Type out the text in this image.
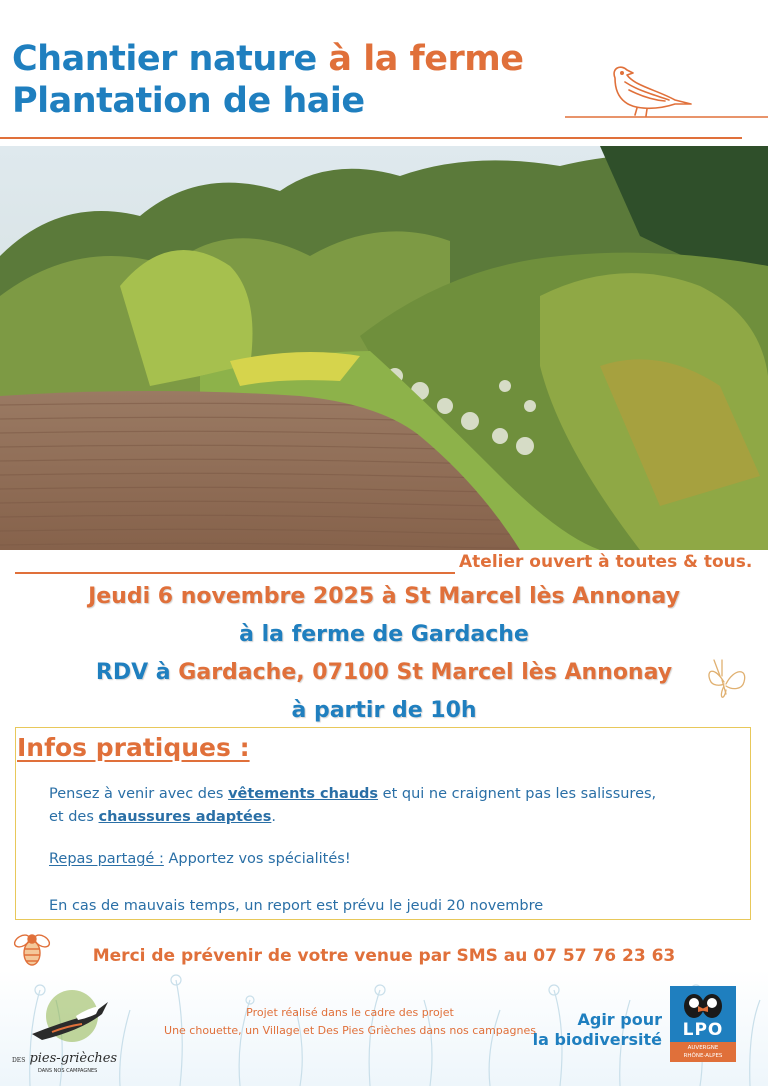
Chantier nature à la ferme
Plantation de haie
Atelier ouvert à toutes & tous.
Jeudi 6 novembre 2025 à St Marcel lès Annonay
à la ferme de Gardache
RDV à Gardache, 07100 St Marcel lès Annonay
à partir de 10h
Infos pratiques :
Pensez à venir avec des vêtements chauds et qui ne craignent pas les salissures,
et des chaussures adaptées.
Repas partagé : Apportez vos spécialités!
En cas de mauvais temps, un report est prévu le jeudi 20 novembre
Merci de prévenir de votre venue par SMS au 07 57 76 23 63
Projet réalisé dans le cadre des projet
Une chouette, un Village et Des Pies Grièches dans nos campagnes
DES pies-grièches
DANS NOS CAMPAGNES
Agir pour
la biodiversité	LPO
AUVERGNE
RHÔNE-ALPES
